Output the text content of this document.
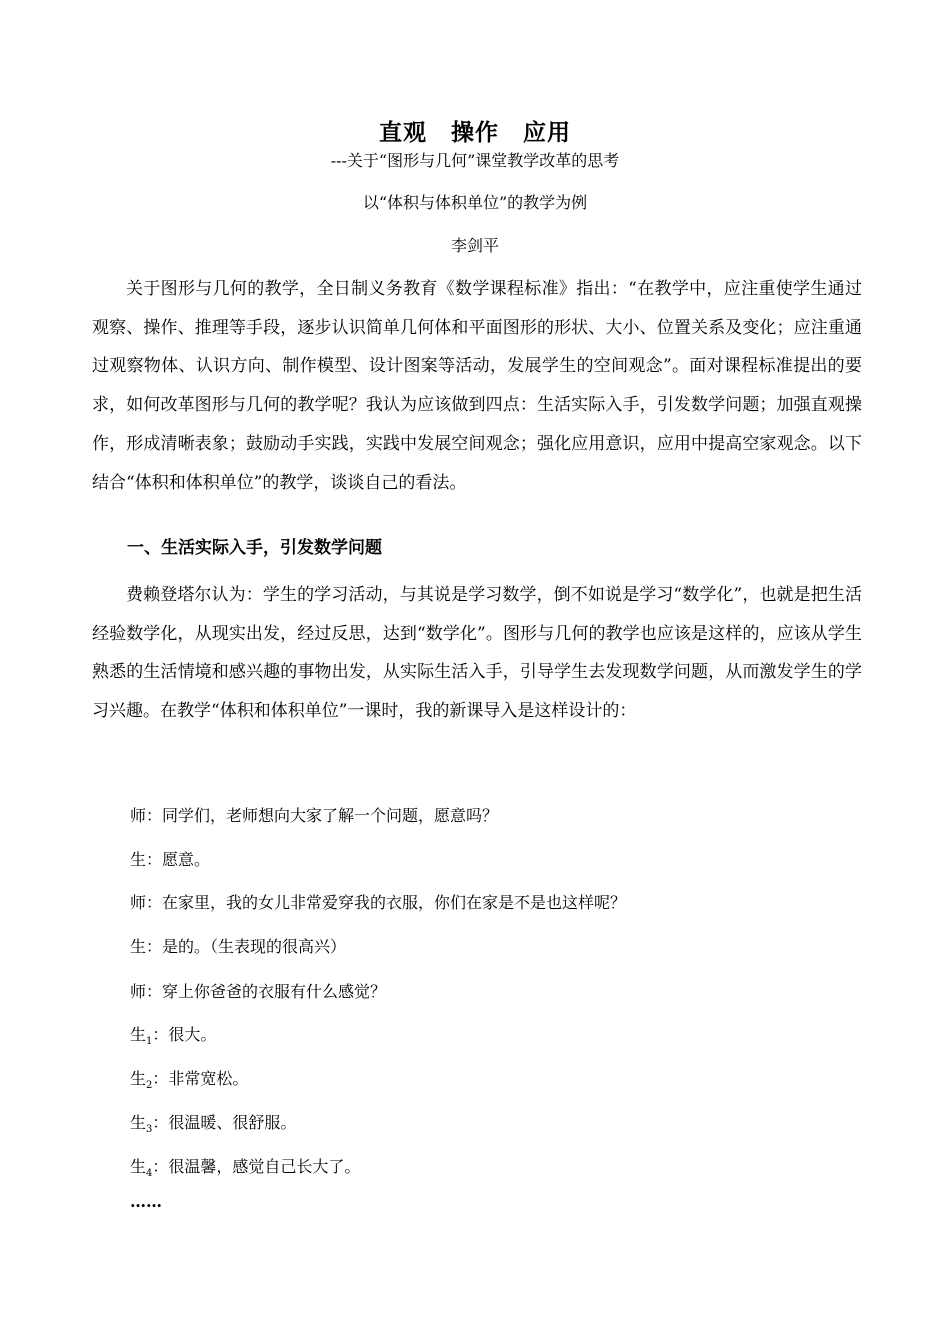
直观　操作　应用
---关于“图形与几何”课堂教学改革的思考
以“体积与体积单位”的教学为例
李剑平
关于图形与几何的教学，全日制义务教育《数学课程标准》指出：“在教学中，应注重使学生通过观察、操作、推理等手段，逐步认识简单几何体和平面图形的形状、大小、位置关系及变化；应注重通过观察物体、认识方向、制作模型、设计图案等活动，发展学生的空间观念”。面对课程标准提出的要求，如何改革图形与几何的教学呢？我认为应该做到四点：生活实际入手，引发数学问题；加强直观操作，形成清晰表象；鼓励动手实践，实践中发展空间观念；强化应用意识，应用中提高空家观念。以下结合“体积和体积单位”的教学，谈谈自己的看法。
一、生活实际入手，引发数学问题
费赖登塔尔认为：学生的学习活动，与其说是学习数学，倒不如说是学习“数学化”，也就是把生活经验数学化，从现实出发，经过反思，达到“数学化”。图形与几何的教学也应该是这样的，应该从学生熟悉的生活情境和感兴趣的事物出发，从实际生活入手，引导学生去发现数学问题，从而激发学生的学习兴趣。在教学“体积和体积单位”一课时，我的新课导入是这样设计的：
师：同学们，老师想向大家了解一个问题，愿意吗？
生：愿意。
师：在家里，我的女儿非常爱穿我的衣服，你们在家是不是也这样呢？
生：是的。（生表现的很高兴）
师：穿上你爸爸的衣服有什么感觉？
生$_1$：很大。
生$_2$：非常宽松。
生$_3$：很温暖、很舒服。
生$_4$：很温馨，感觉自己长大了。
……
